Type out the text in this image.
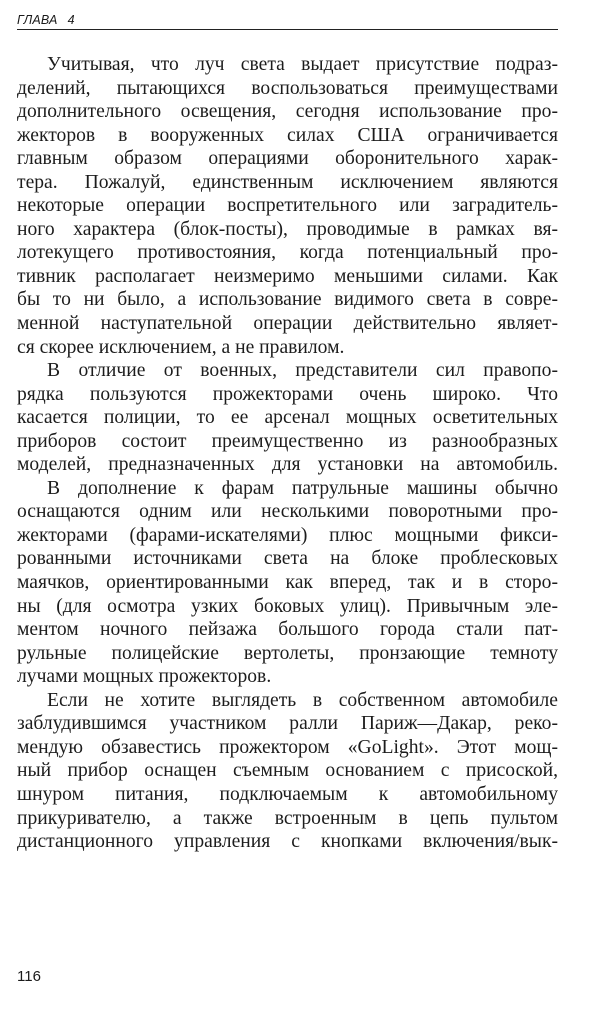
ГЛАВА 4
Учитывая, что луч света выдает присутствие подраз-
делений, пытающихся воспользоваться преимуществами
дополнительного освещения, сегодня использование про-
жекторов в вооруженных силах США ограничивается
главным образом операциями оборонительного харак-
тера. Пожалуй, единственным исключением являются
некоторые операции воспретительного или заградитель-
ного характера (блок-посты), проводимые в рамках вя-
лотекущего противостояния, когда потенциальный про-
тивник располагает неизмеримо меньшими силами. Как
бы то ни было, а использование видимого света в совре-
менной наступательной операции действительно являет-
ся скорее исключением, а не правилом.
В отличие от военных, представители сил правопо-
рядка пользуются прожекторами очень широко. Что
касается полиции, то ее арсенал мощных осветительных
приборов состоит преимущественно из разнообразных
моделей, предназначенных для установки на автомобиль.
В дополнение к фарам патрульные машины обычно
оснащаются одним или несколькими поворотными про-
жекторами (фарами-искателями) плюс мощными фикси-
рованными источниками света на блоке проблесковых
маячков, ориентированными как вперед, так и в сторо-
ны (для осмотра узких боковых улиц). Привычным эле-
ментом ночного пейзажа большого города стали пат-
рульные полицейские вертолеты, пронзающие темноту
лучами мощных прожекторов.
Если не хотите выглядеть в собственном автомобиле
заблудившимся участником ралли Париж—Дакар, реко-
мендую обзавестись прожектором «GoLight». Этот мощ-
ный прибор оснащен съемным основанием с присоской,
шнуром питания, подключаемым к автомобильному
прикуривателю, а также встроенным в цепь пультом
дистанционного управления с кнопками включения/вык-
116
